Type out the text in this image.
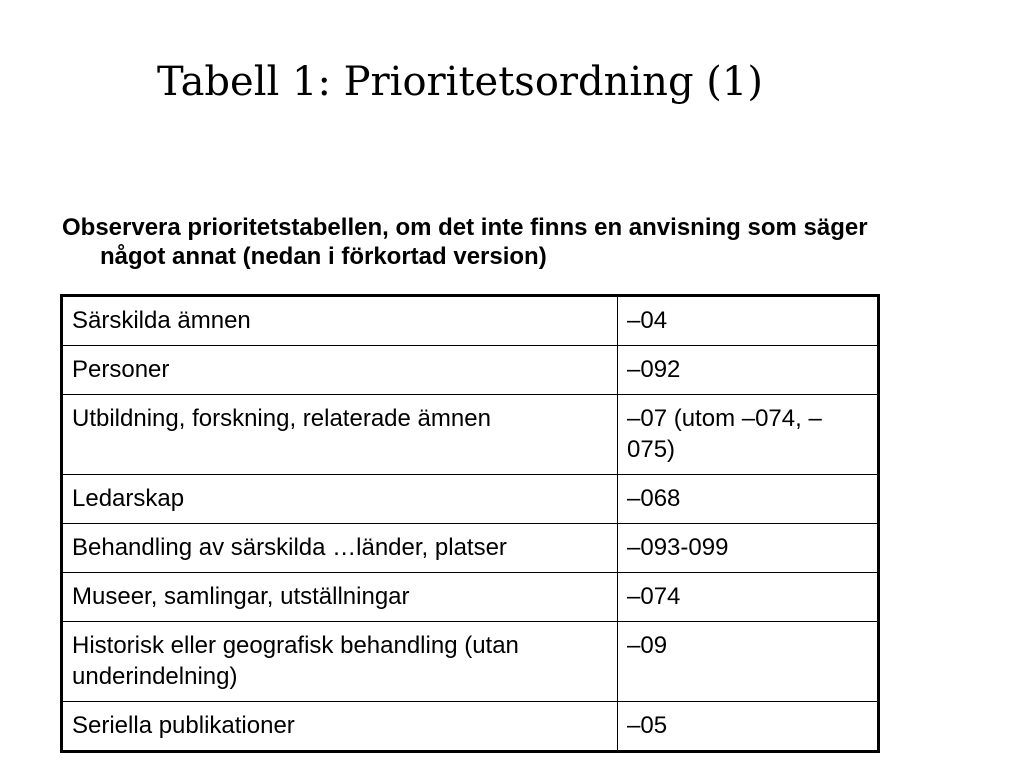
Tabell 1: Prioritetsordning (1)

Observera prioritetstabellen, om det inte finns en anvisning som säger något annat (nedan i förkortad version)

Särskilda ämnen	–04
Personer	–092
Utbildning, forskning, relaterade ämnen	–07 (utom –074, –075)
Ledarskap	–068
Behandling av särskilda …länder, platser	–093-099
Museer, samlingar, utställningar	–074
Historisk eller geografisk behandling (utan underindelning)	–09
Seriella publikationer	–05
